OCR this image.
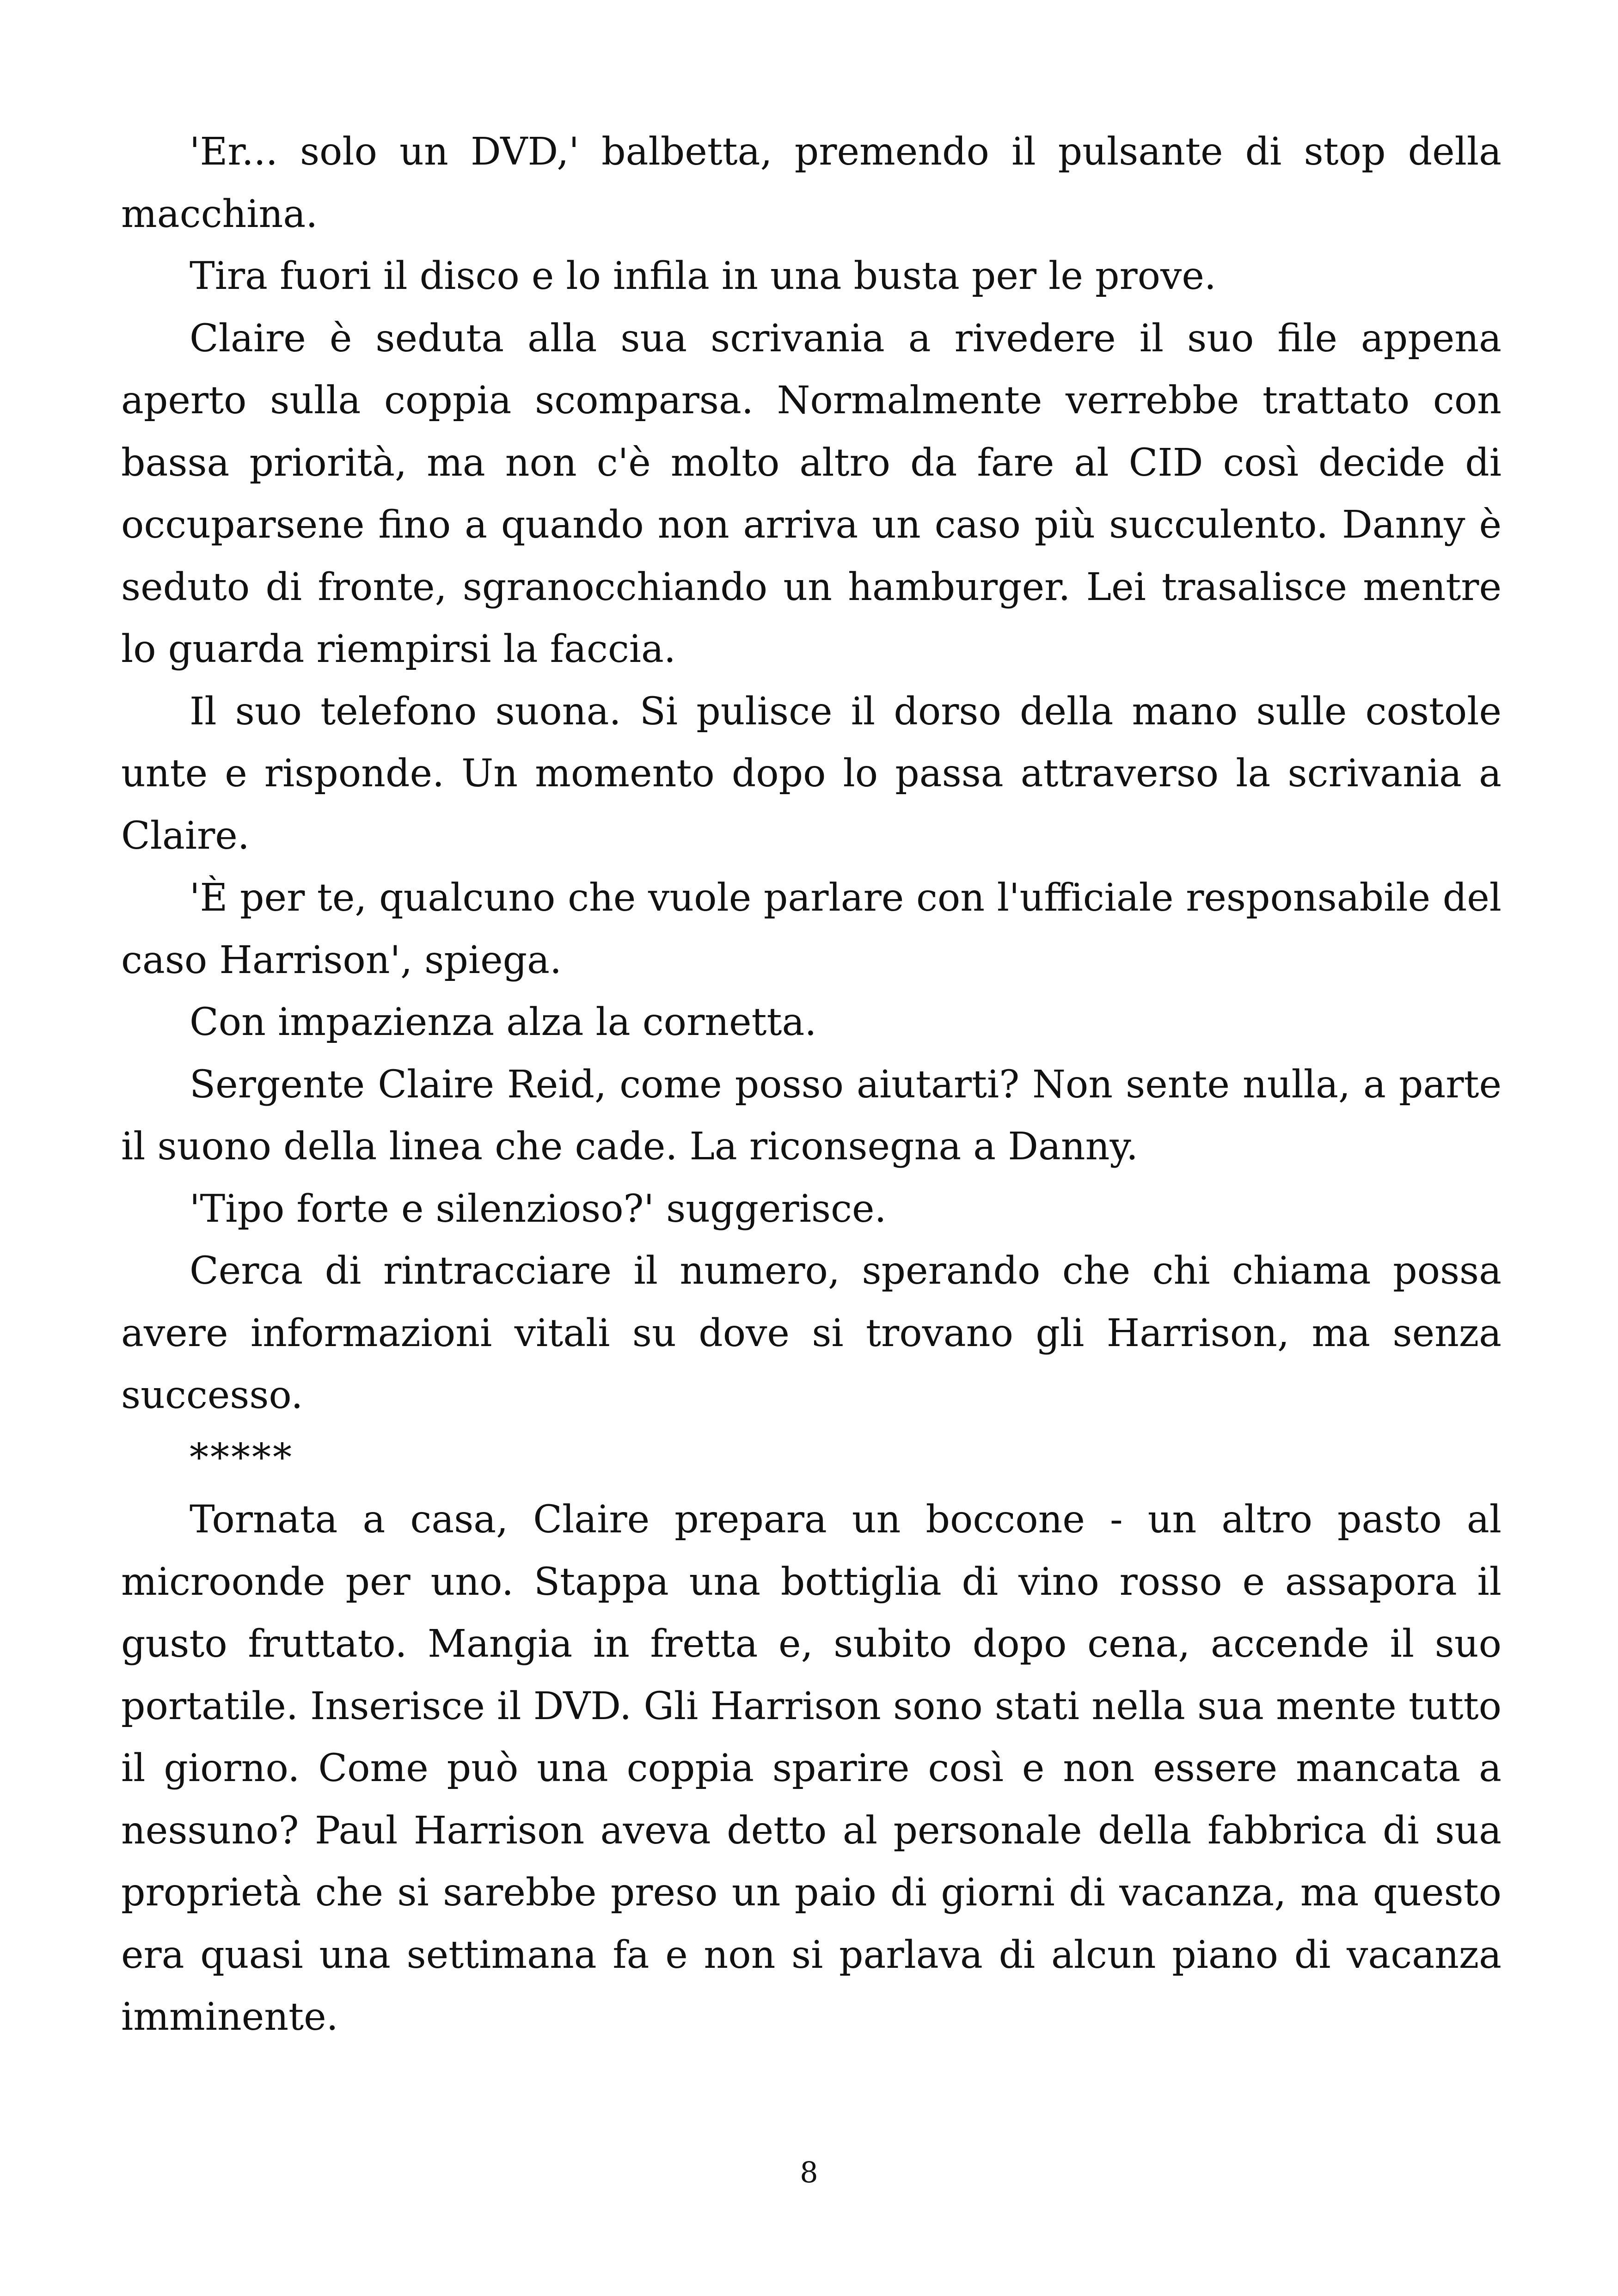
'Er... solo un DVD,' balbetta, premendo il pulsante di stop della macchina.

Tira fuori il disco e lo infila in una busta per le prove.

Claire è seduta alla sua scrivania a rivedere il suo file appena aperto sulla coppia scomparsa. Normalmente verrebbe trattato con bassa priorità, ma non c'è molto altro da fare al CID così decide di occuparsene fino a quando non arriva un caso più succulento. Danny è seduto di fronte, sgranocchiando un hamburger. Lei trasalisce mentre lo guarda riempirsi la faccia.

Il suo telefono suona. Si pulisce il dorso della mano sulle costole unte e risponde. Un momento dopo lo passa attraverso la scrivania a Claire.

'È per te, qualcuno che vuole parlare con l'ufficiale responsabile del caso Harrison', spiega.

Con impazienza alza la cornetta.

Sergente Claire Reid, come posso aiutarti? Non sente nulla, a parte il suono della linea che cade. La riconsegna a Danny.

'Tipo forte e silenzioso?' suggerisce.

Cerca di rintracciare il numero, sperando che chi chiama possa avere informazioni vitali su dove si trovano gli Harrison, ma senza successo.

*****

Tornata a casa, Claire prepara un boccone - un altro pasto al microonde per uno. Stappa una bottiglia di vino rosso e assapora il gusto fruttato. Mangia in fretta e, subito dopo cena, accende il suo portatile. Inserisce il DVD. Gli Harrison sono stati nella sua mente tutto il giorno. Come può una coppia sparire così e non essere mancata a nessuno? Paul Harrison aveva detto al personale della fabbrica di sua proprietà che si sarebbe preso un paio di giorni di vacanza, ma questo era quasi una settimana fa e non si parlava di alcun piano di vacanza imminente.

8
